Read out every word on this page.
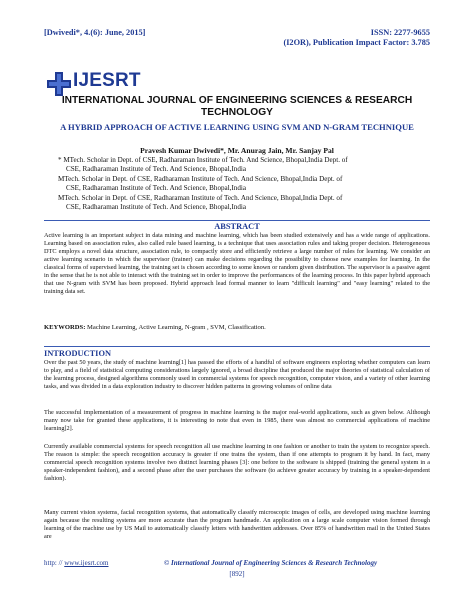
[Dwivedi*, 4.(6): June, 2015]	ISSN: 2277-9655
(I2OR), Publication Impact Factor: 3.785
IJESRT
INTERNATIONAL JOURNAL OF ENGINEERING SCIENCES & RESEARCH TECHNOLOGY
A HYBRID APPROACH OF ACTIVE LEARNING USING SVM AND N-GRAM TECHNIQUE
Pravesh Kumar Dwivedi*, Mr. Anurag Jain, Mr. Sanjay Pal
* MTech. Scholar in Dept. of CSE, Radharaman Institute of Tech. And Science, Bhopal,India Dept. of
CSE, Radharaman Institute of Tech. And Science, Bhopal,India
MTech. Scholar in Dept. of CSE, Radharaman Institute of Tech. And Science, Bhopal,India Dept. of
CSE, Radharaman Institute of Tech. And Science, Bhopal,India
MTech. Scholar in Dept. of CSE, Radharaman Institute of Tech. And Science, Bhopal,India Dept. of
CSE, Radharaman Institute of Tech. And Science, Bhopal,India
ABSTRACT
Active learning is an important subject in data mining and machine learning, which has been studied extensively and has a wide range of applications. Learning based on association rules, also called rule based learning, is a technique that uses association rules and taking proper decision. Heterogeneous DTC employs a novel data structure, association rule, to compactly store and efficiently retrieve a large number of rules for learning. We consider an active learning scenario in which the supervisor (trainer) can make decisions regarding the possibility to choose new examples for learning. In the classical forms of supervised learning, the training set is chosen according to some known or random given distribution. The supervisor is a passive agent in the sense that he is not able to interact with the training set in order to improve the performances of the learning process. In this paper hybrid approach that use N-gram with SVM has been proposed. Hybrid approach lead formal manner to learn "difficult learning" and "easy learning" related to the training data set.
KEYWORDS: Machine Learning, Active Learning, N-gram , SVM, Classification.
INTRODUCTION
Over the past 50 years, the study of machine learning[1] has passed the efforts of a handful of software engineers exploring whether computers can learn to play, and a field of statistical computing considerations largely ignored, a broad discipline that produced the major theories of statistical calculation of the learning process, designed algorithms commonly used in commercial systems for speech recognition, computer vision, and a variety of other learning tasks, and was divided in a data exploration industry to discover hidden patterns in growing volumes of online data
The successful implementation of a measurement of progress in machine learning is the major real-world applications, such as given below. Although many now take for granted these applications, it is interesting to note that even in 1985, there was almost no commercial applications of machine learning[2].
Currently available commercial systems for speech recognition all use machine learning in one fashion or another to train the system to recognize speech. The reason is simple: the speech recognition accuracy is greater if one trains the system, than if one attempts to program it by hand. In fact, many commercial speech recognition systems involve two distinct learning phases [3]: one before to the software is shipped (training the general system in a speaker-independent fashion), and a second phase after the user purchases the software (to achieve greater accuracy by training in a speaker-dependent fashion).
Many current vision systems, facial recognition systems, that automatically classify microscopic images of cells, are developed using machine learning again because the resulting systems are more accurate than the program handmade. An application on a large scale computer vision formed through learning of the machine use by US Mail to automatically classify letters with handwritten addresses. Over 85% of handwritten mail in the United States are
http: // www.ijesrt.com	© International Journal of Engineering Sciences & Research Technology
[892]
